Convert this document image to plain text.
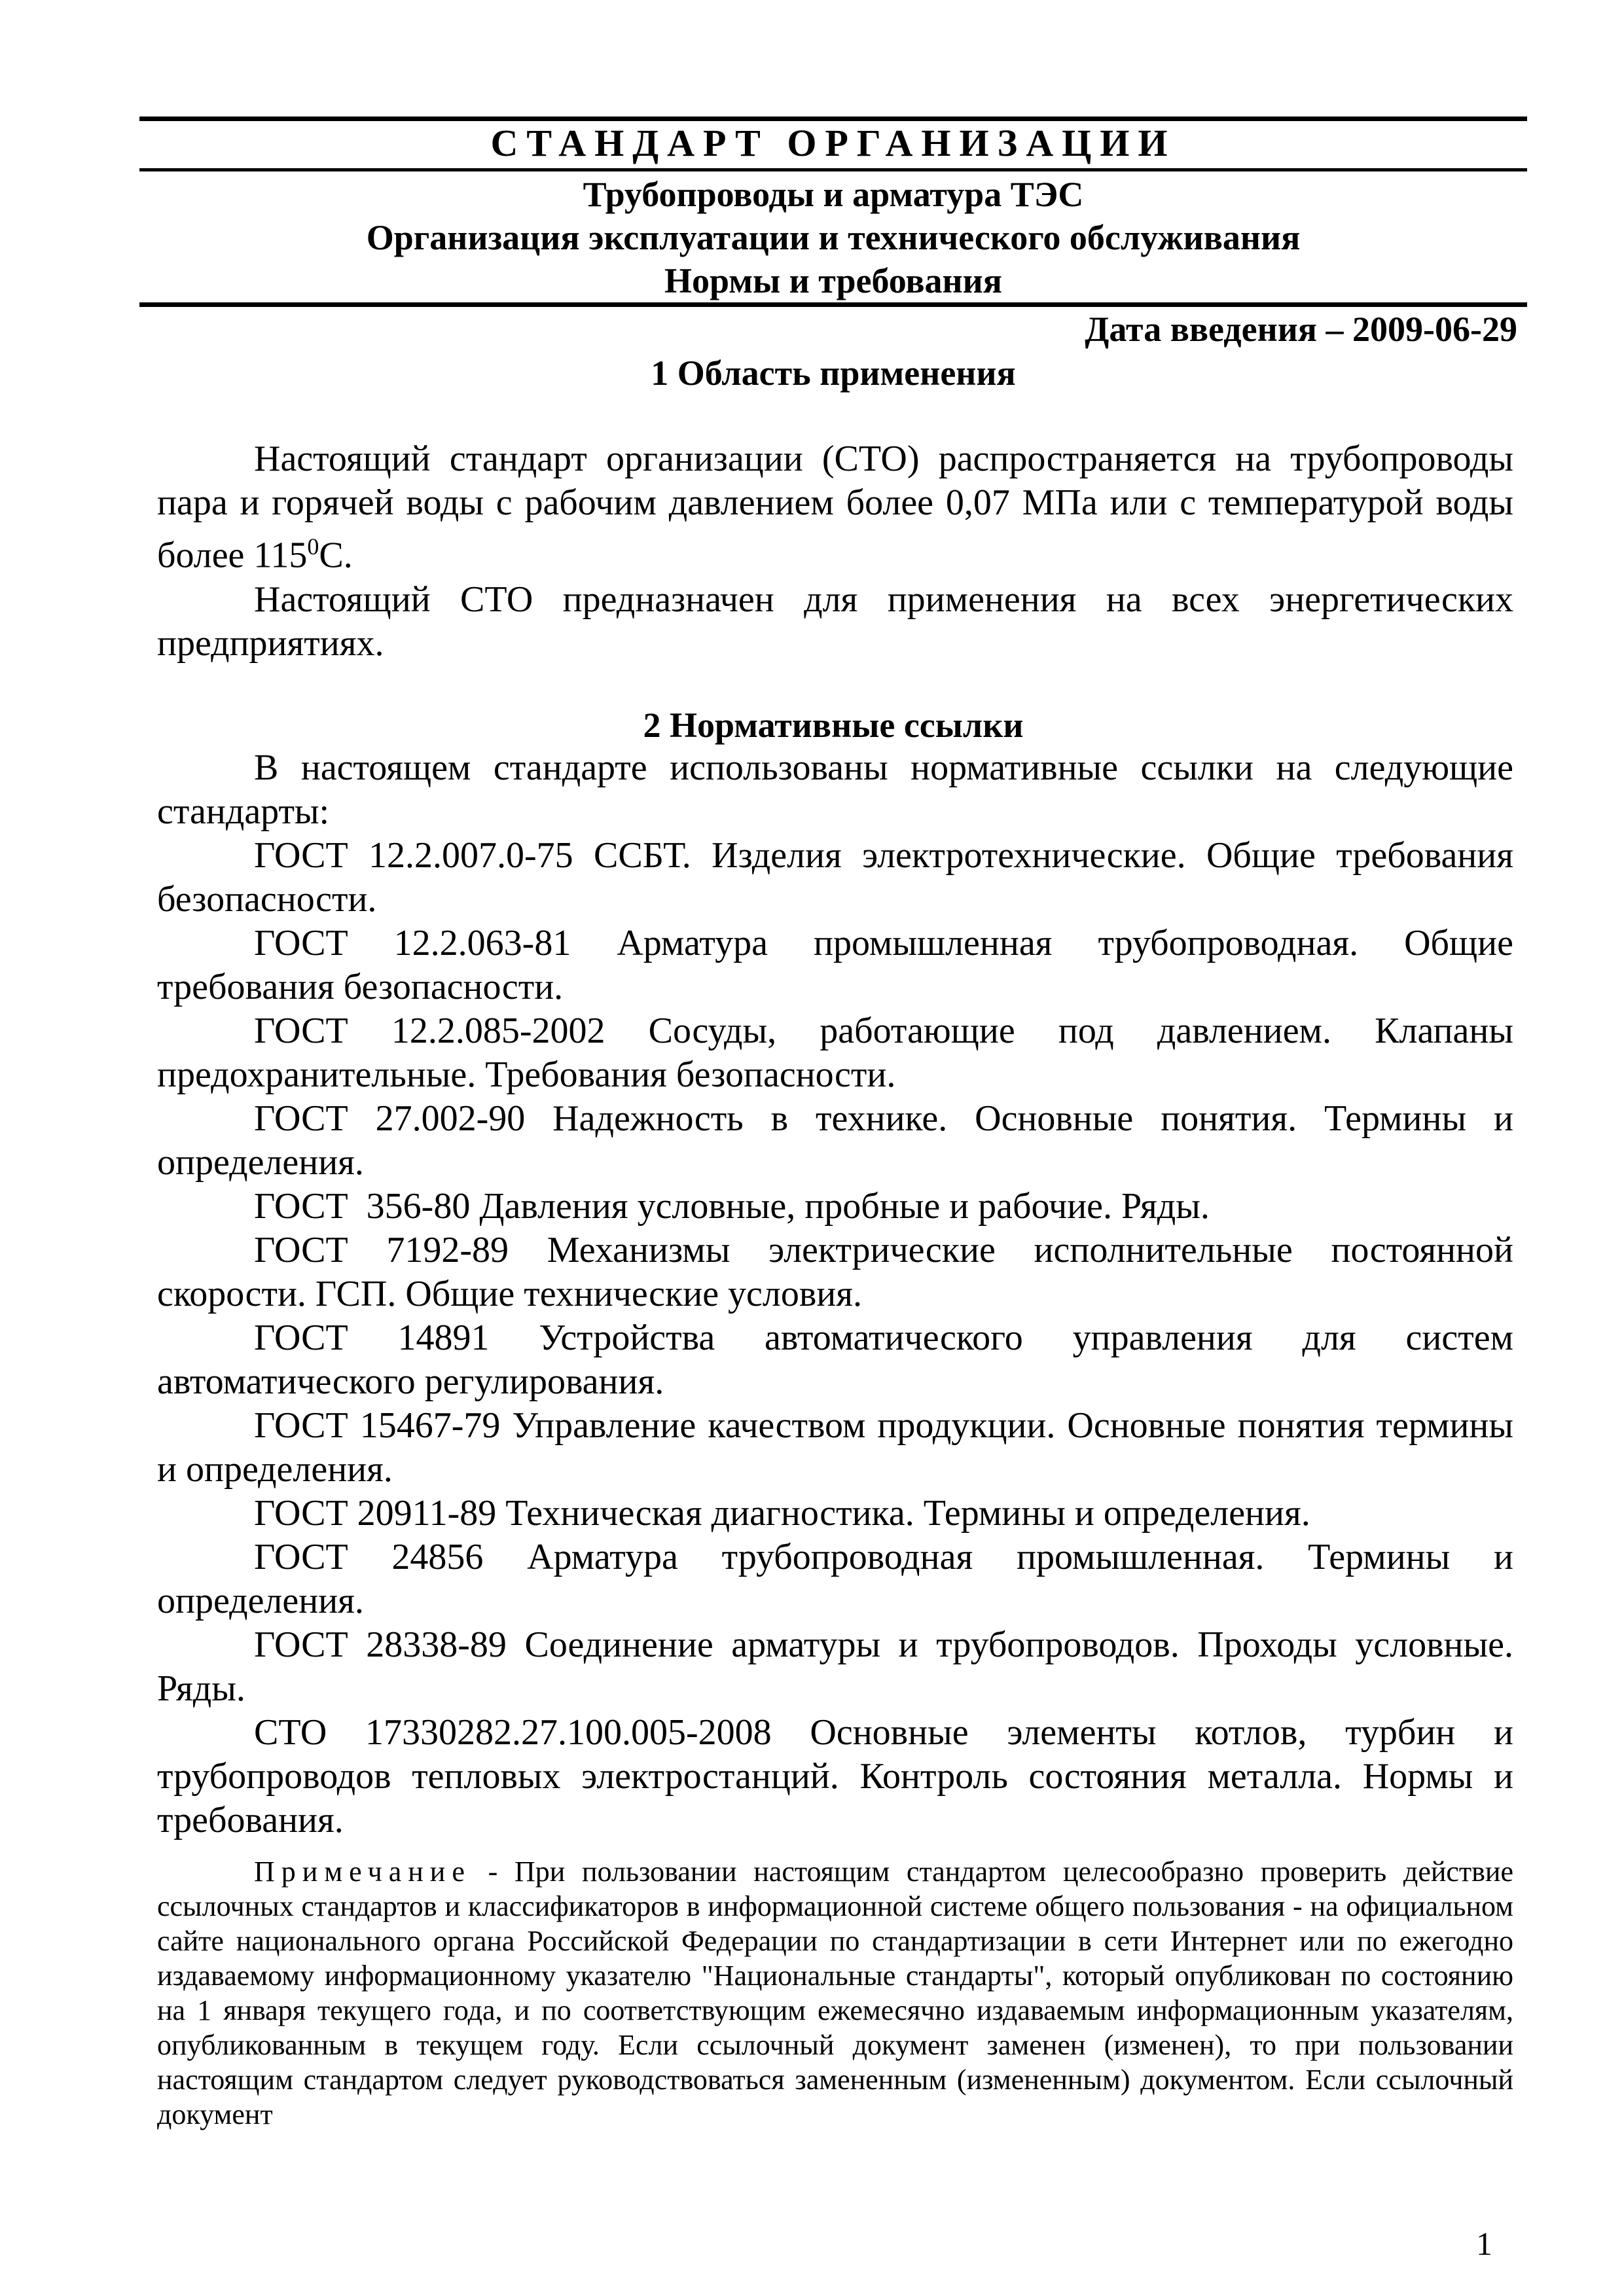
СТАНДАРТ ОРГАНИЗАЦИИ
Трубопроводы и арматура ТЭС
Организация эксплуатации и технического обслуживания
Нормы и требования
Дата введения – 2009-06-29
1 Область применения

Настоящий стандарт организации (СТО) распространяется на трубопроводы пара и горячей воды с рабочим давлением более 0,07 МПа или с температурой воды более $115^0С$.

Настоящий СТО предназначен для применения на всех энергетических предприятиях.

2 Нормативные ссылки

В настоящем стандарте использованы нормативные ссылки на следующие стандарты:

ГОСТ 12.2.007.0-75 ССБТ. Изделия электротехнические. Общие требования безопасности.

ГОСТ 12.2.063-81 Арматура промышленная трубопроводная. Общие требования безопасности.

ГОСТ 12.2.085-2002 Сосуды, работающие под давлением. Клапаны предохранительные. Требования безопасности.

ГОСТ 27.002-90 Надежность в технике. Основные понятия. Термины и определения.

ГОСТ  356-80 Давления условные, пробные и рабочие. Ряды.

ГОСТ 7192-89 Механизмы электрические исполнительные постоянной скорости. ГСП. Общие технические условия.

ГОСТ 14891 Устройства автоматического управления для систем автоматического регулирования.

ГОСТ 15467-79 Управление качеством продукции. Основные понятия термины и определения.

ГОСТ 20911-89 Техническая диагностика. Термины и определения.

ГОСТ 24856 Арматура трубопроводная промышленная. Термины и определения.

ГОСТ 28338-89 Соединение арматуры и трубопроводов. Проходы условные. Ряды.

СТО 17330282.27.100.005-2008 Основные элементы котлов, турбин и трубопроводов тепловых электростанций. Контроль состояния металла. Нормы и требования.

Примечание - При пользовании настоящим стандартом целесообразно проверить действие ссылочных стандартов и классификаторов в информационной системе общего пользования - на официальном сайте национального органа Российской Федерации по стандартизации в сети Интернет или по ежегодно издаваемому информационному указателю "Национальные стандарты", который опубликован по состоянию на 1 января текущего года, и по соответствующим ежемесячно издаваемым информационным указателям, опубликованным в текущем году. Если ссылочный документ заменен (изменен), то при пользовании настоящим стандартом следует руководствоваться замененным (измененным) документом. Если ссылочный документ

1
